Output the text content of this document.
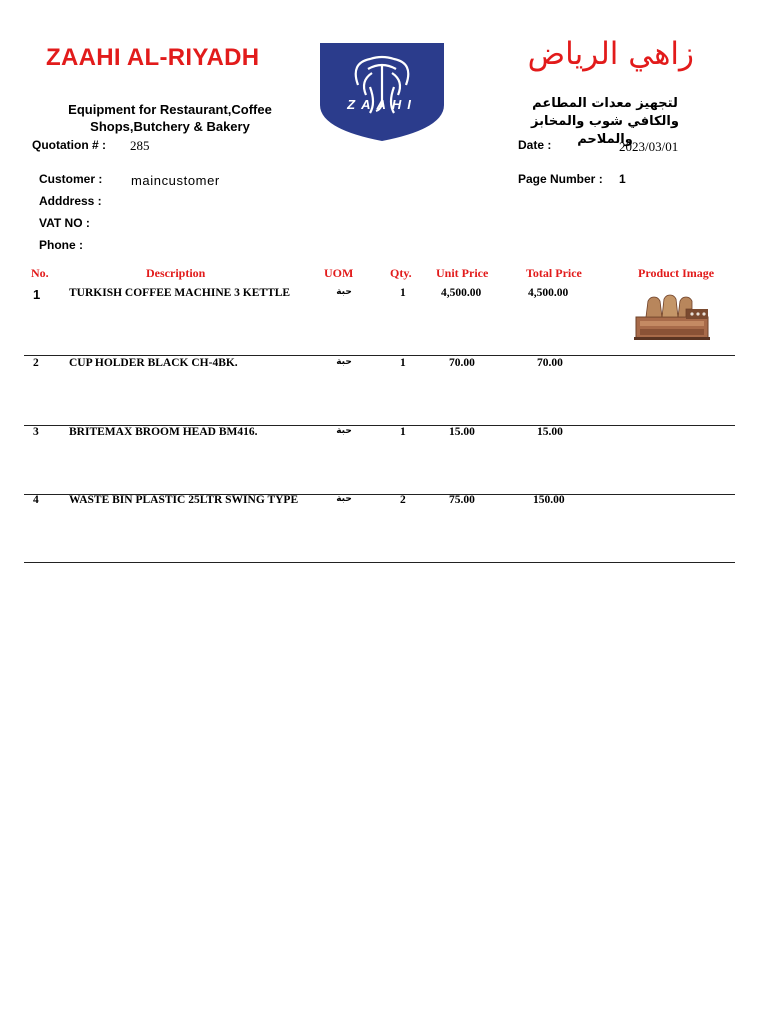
ZAAHI AL-RIYADH
ZAAHI
زاهي الرياض
Equipment for Restaurant,Coffee Shops,Butchery & Bakery
لتجهيز معدات المطاعم والكافي شوب والمخابز والملاحم
Quotation # : 285	Date :	2023/03/01
Customer : maincustomer	Page Number : 1
Adddress :
VAT NO :
Phone :
No.	Description	UOM	Qty. Unit Price	Total Price	Product Image
1	TURKISH COFFEE MACHINE 3 KETTLE	حبة	1	4,500.00	4,500.00
2	CUP HOLDER BLACK CH-4BK.	حبة	1	70.00	70.00
3	BRITEMAX BROOM HEAD BM416.	حبة	1	15.00	15.00
4	WASTE BIN PLASTIC 25LTR SWING TYPE	حبة	2	75.00	150.00
